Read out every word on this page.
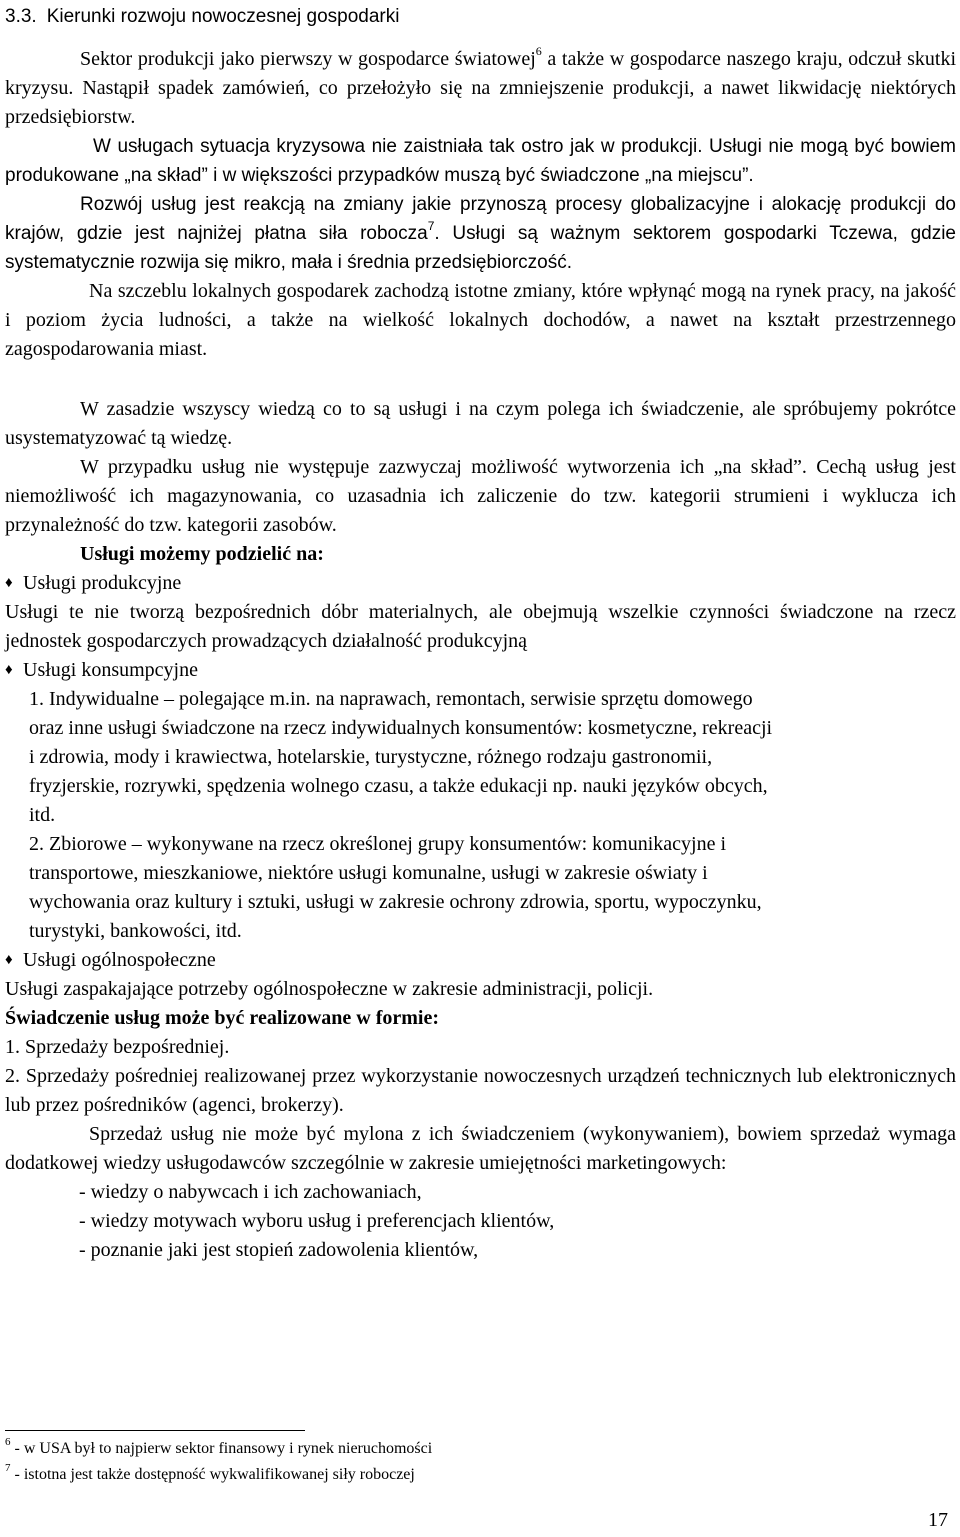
3.3. Kierunki rozwoju nowoczesnej gospodarki

Sektor produkcji jako pierwszy w gospodarce światowej$^6$ a także w gospodarce naszego kraju, odczuł skutki kryzysu. Nastąpił spadek zamówień, co przełożyło się na zmniejszenie produkcji, a nawet likwidację niektórych przedsiębiorstw.

W usługach sytuacja kryzysowa nie zaistniała tak ostro jak w produkcji. Usługi nie mogą być bowiem produkowane „na skład” i w większości przypadków muszą być świadczone „na miejscu”.

Rozwój usług jest reakcją na zmiany jakie przynoszą procesy globalizacyjne i alokację produkcji do krajów, gdzie jest najniżej płatna siła robocza$^7$. Usługi są ważnym sektorem gospodarki Tczewa, gdzie systematycznie rozwija się mikro, mała i średnia przedsiębiorczość.

Na szczeblu lokalnych gospodarek zachodzą istotne zmiany, które wpłynąć mogą na rynek pracy, na jakość i poziom życia ludności, a także na wielkość lokalnych dochodów, a nawet na kształt przestrzennego zagospodarowania miast.

W zasadzie wszyscy wiedzą co to są usługi i na czym polega ich świadczenie, ale spróbujemy pokrótce usystematyzować tą wiedzę.

W przypadku usług nie występuje zazwyczaj możliwość wytworzenia ich „na skład”. Cechą usług jest niemożliwość ich magazynowania, co uzasadnia ich zaliczenie do tzw. kategorii strumieni i wyklucza ich przynależność do tzw. kategorii zasobów.

Usługi możemy podzielić na:

♦ Usługi produkcyjne

Usługi te nie tworzą bezpośrednich dóbr materialnych, ale obejmują wszelkie czynności świadczone na rzecz jednostek gospodarczych prowadzących działalność produkcyjną

♦ Usługi konsumpcyjne

1. Indywidualne – polegające m.in. na naprawach, remontach, serwisie sprzętu domowego oraz inne usługi świadczone na rzecz indywidualnych konsumentów: kosmetyczne, rekreacji i zdrowia, mody i krawiectwa, hotelarskie, turystyczne, różnego rodzaju gastronomii, fryzjerskie, rozrywki, spędzenia wolnego czasu, a także edukacji np. nauki języków obcych, itd.

2. Zbiorowe – wykonywane na rzecz określonej grupy konsumentów: komunikacyjne i transportowe, mieszkaniowe, niektóre usługi komunalne, usługi w zakresie oświaty i wychowania oraz kultury i sztuki, usługi w zakresie ochrony zdrowia, sportu, wypoczynku, turystyki, bankowości, itd.

♦ Usługi ogólnospołeczne

Usługi zaspakajające potrzeby ogólnospołeczne w zakresie administracji, policji.

Świadczenie usług może być realizowane w formie:

1. Sprzedaży bezpośredniej.

2. Sprzedaży pośredniej realizowanej przez wykorzystanie nowoczesnych urządzeń technicznych lub elektronicznych lub przez pośredników (agenci, brokerzy).

Sprzedaż usług nie może być mylona z ich świadczeniem (wykonywaniem), bowiem sprzedaż wymaga dodatkowej wiedzy usługodawców szczególnie w zakresie umiejętności marketingowych:

- wiedzy o nabywcach i ich zachowaniach,

- wiedzy motywach wyboru usług i preferencjach klientów,

- poznanie jaki jest stopień zadowolenia klientów,

$^6$ - w USA był to najpierw sektor finansowy i rynek nieruchomości
$^7$ - istotna jest także dostępność wykwalifikowanej siły roboczej
17
